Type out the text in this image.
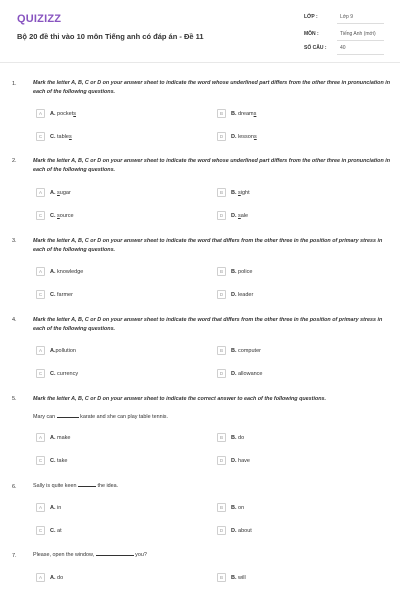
QUIZIZZ
Bộ 20 đề thi vào 10 môn Tiếng anh có đáp án - Đề 11
LỚP :	Lớp 9
MÔN :	Tiếng Anh (mới)
SỐ CÂU :	40
1.	Mark the letter A, B, C or D on your answer sheet to indicate the word whose underlined part differs from the other three in pronunciation in each of the following questions.
A	A. pockets	B	B. dreams
C	C. tables	D	D. lessons
2.	Mark the letter A, B, C or D on your answer sheet to indicate the word whose underlined part differs from the other three in pronunciation in each of the following questions.
A	A. sugar	B	B. sight
C	C. source	D	D. sale
3.	Mark the letter A, B, C or D on your answer sheet to indicate the word that differs from the other three in the position of primary stress in each of the following questions.
A	A. knowledge	B	B. police
C	C. farmer	D	D. leader
4.	Mark the letter A, B, C or D on your answer sheet to indicate the word that differs from the other three in the position of primary stress in each of the following questions.
A	A.pollution	B	B. computer
C	C. currency	D	D. allowance
5.	Mark the letter A, B, C or D on your answer sheet to indicate the correct answer to each of the following questions.
Mary can	karate and she can play table tennis.
A	A. make	B	B. do
C	C. take	D	D. have
6.	Sally is quite keen	the idea.
A	A. in	B	B. on
C	C. at	D	D. about
7.	Please, open the window,	you?
A	A. do	B	B. will
